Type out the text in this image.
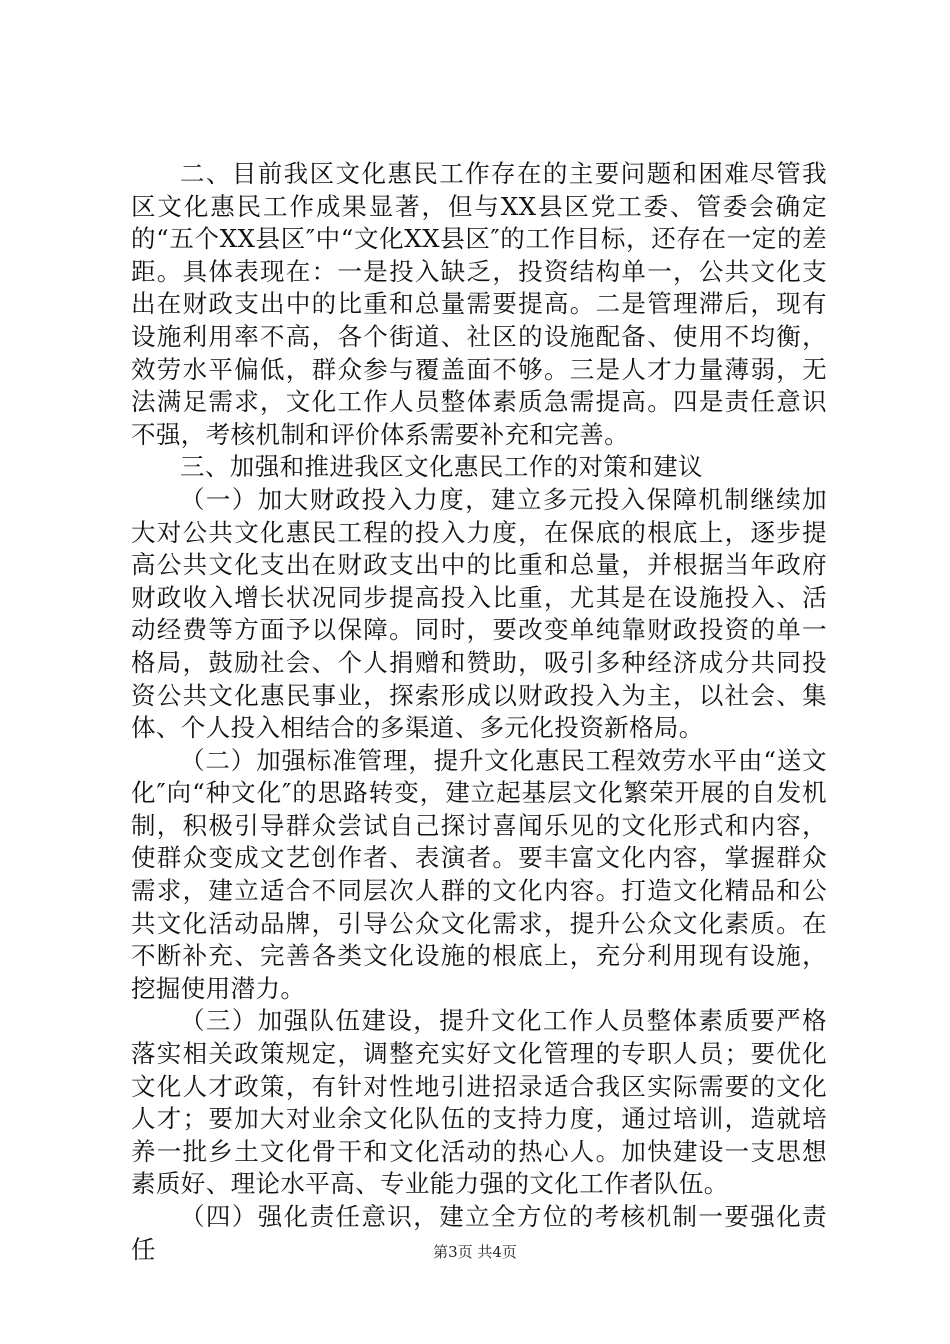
二、目前我区文化惠民工作存在的主要问题和困难尽管我区文化惠民工作成果显著，但与XX县区党工委、管委会确定的“五个XX县区″中“文化XX县区″的工作目标，还存在一定的差距。具体表现在：一是投入缺乏，投资结构单一，公共文化支出在财政支出中的比重和总量需要提高。二是管理滞后，现有设施利用率不高，各个街道、社区的设施配备、使用不均衡，效劳水平偏低，群众参与覆盖面不够。三是人才力量薄弱，无法满足需求，文化工作人员整体素质急需提高。四是责任意识不强，考核机制和评价体系需要补充和完善。

三、加强和推进我区文化惠民工作的对策和建议

（一）加大财政投入力度，建立多元投入保障机制继续加大对公共文化惠民工程的投入力度，在保底的根底上，逐步提高公共文化支出在财政支出中的比重和总量，并根据当年政府财政收入增长状况同步提高投入比重，尤其是在设施投入、活动经费等方面予以保障。同时，要改变单纯靠财政投资的单一格局，鼓励社会、个人捐赠和赞助，吸引多种经济成分共同投资公共文化惠民事业，探索形成以财政投入为主，以社会、集体、个人投入相结合的多渠道、多元化投资新格局。

（二）加强标准管理，提升文化惠民工程效劳水平由“送文化″向“种文化″的思路转变，建立起基层文化繁荣开展的自发机制，积极引导群众尝试自己探讨喜闻乐见的文化形式和内容，使群众变成文艺创作者、表演者。要丰富文化内容，掌握群众需求，建立适合不同层次人群的文化内容。打造文化精品和公共文化活动品牌，引导公众文化需求，提升公众文化素质。在不断补充、完善各类文化设施的根底上，充分利用现有设施，挖掘使用潜力。

（三）加强队伍建设，提升文化工作人员整体素质要严格落实相关政策规定，调整充实好文化管理的专职人员；要优化文化人才政策，有针对性地引进招录适合我区实际需要的文化人才；要加大对业余文化队伍的支持力度，通过培训，造就培养一批乡土文化骨干和文化活动的热心人。加快建设一支思想素质好、理论水平高、专业能力强的文化工作者队伍。

（四）强化责任意识，建立全方位的考核机制一要强化责任	第3页 共4页
